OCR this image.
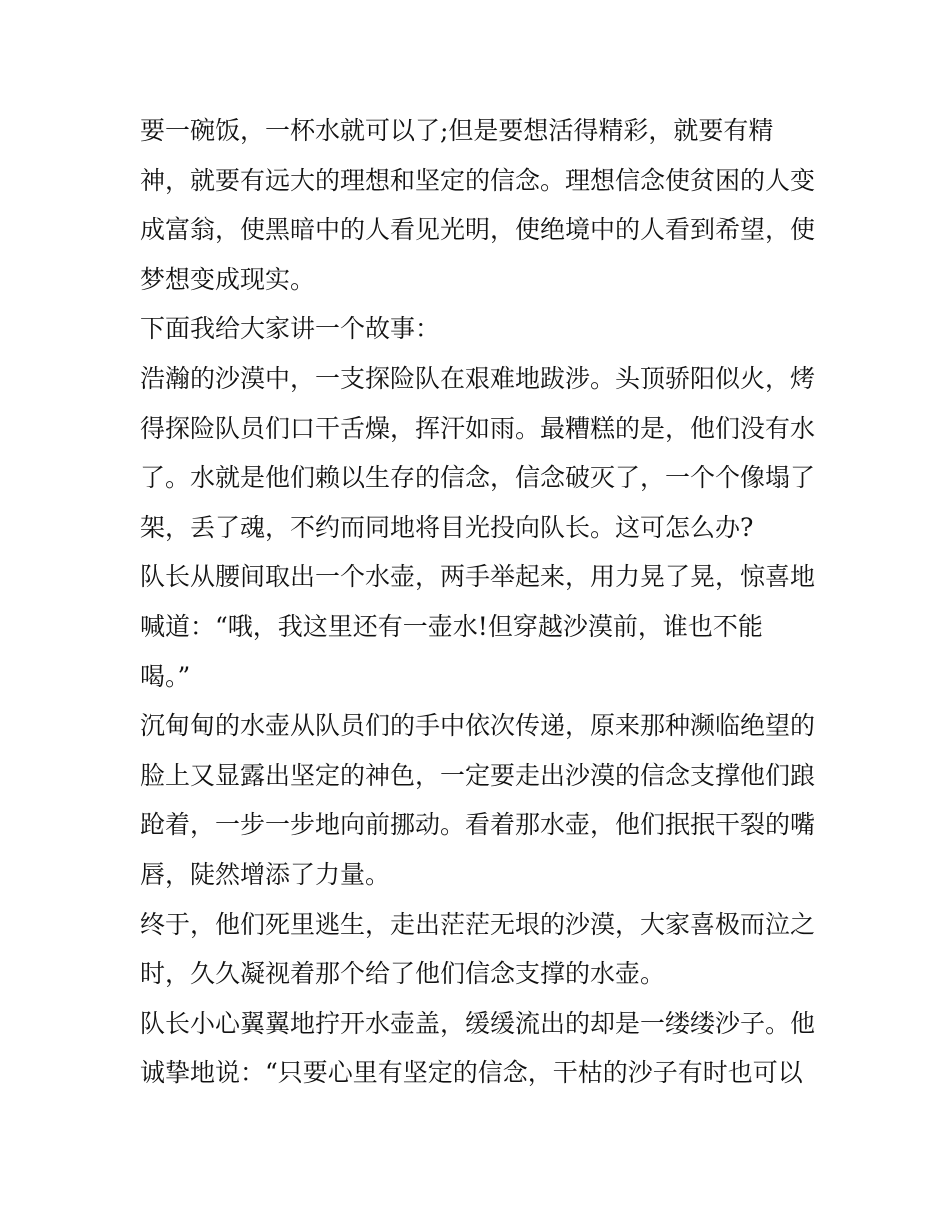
要一碗饭，一杯水就可以了;但是要想活得精彩，就要有精
神，就要有远大的理想和坚定的信念。理想信念使贫困的人变
成富翁，使黑暗中的人看见光明，使绝境中的人看到希望，使
梦想变成现实。
下面我给大家讲一个故事：
浩瀚的沙漠中，一支探险队在艰难地跋涉。头顶骄阳似火，烤
得探险队员们口干舌燥，挥汗如雨。最糟糕的是，他们没有水
了。水就是他们赖以生存的信念，信念破灭了，一个个像塌了
架，丢了魂，不约而同地将目光投向队长。这可怎么办?
队长从腰间取出一个水壶，两手举起来，用力晃了晃，惊喜地
喊道：“哦，我这里还有一壶水!但穿越沙漠前，谁也不能
喝。”
沉甸甸的水壶从队员们的手中依次传递，原来那种濒临绝望的
脸上又显露出坚定的神色，一定要走出沙漠的信念支撑他们踉
跄着，一步一步地向前挪动。看着那水壶，他们抿抿干裂的嘴
唇，陡然增添了力量。
终于，他们死里逃生，走出茫茫无垠的沙漠，大家喜极而泣之
时，久久凝视着那个给了他们信念支撑的水壶。
队长小心翼翼地拧开水壶盖，缓缓流出的却是一缕缕沙子。他
诚挚地说：“只要心里有坚定的信念，干枯的沙子有时也可以
